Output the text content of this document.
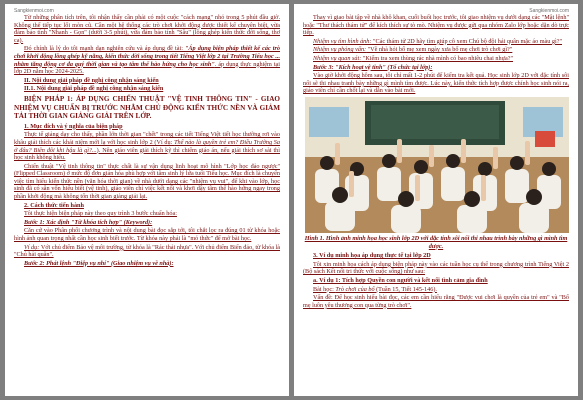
Sangkienmoi.com

Từ những phân tích trên, tôi nhận thấy cần phải có một cuộc "cách mạng" nhỏ trong 5 phút đầu giờ. Không thể tiếp tục lối mòn cũ. Cần một hệ thống các trò chơi khởi động được thiết kế chuyên biệt, vừa đảm bảo tính "Nhanh - Gọn" (dưới 3-5 phút), vừa đảm bảo tính "Sâu" (lồng ghép kiến thức đời sống, thơ ca).

Đó chính là lý do tôi mạnh dạn nghiên cứu và áp dụng đề tài: "Áp dụng biện pháp thiết kế các trò chơi khởi động lồng ghép kỹ năng, kiến thức đời sống trong tiết Tiếng Việt lớp 2 tại Trường Tiểu học ... nhằm tăng động cơ đa quý thời gian và tạo tâm thế hào hứng cho học sinh". áp dụng thực nghiệm tại lớp 2D năm học 2024-2025.

II. Nội dung giải pháp đề nghị công nhận sáng kiến

II.1. Nội dung giải pháp đề nghị công nhận sáng kiến

BIỆN PHÁP 1: ÁP DỤNG CHIẾN THUẬT "VỆ TINH THÔNG TIN" - GIAO NHIỆM VỤ CHUẨN BỊ TRƯỚC NHẰM CHỦ ĐỘNG KIẾN THỨC NỀN VÀ GIẢM TẢI THỜI GIAN GIẢNG GIẢI TRÊN LỚP.

1. Mục đích và ý nghĩa của biện pháp

Thực tế giảng dạy cho thấy, phần lớn thời gian "chết" trong các tiết Tiếng Việt tiết học thường rơi vào khâu giải thích các khái niệm mới lạ với học sinh lớp 2 (Ví dụ: Thế nào là quyền trẻ em? Điều Trường Sa ở đâu? Biên đôi khi hậu là gì?...). Nên giáo viên giải thích kỹ thì chiếm giáo án, nếu giải thích sơ sài thì học sinh không hiểu.

Chiến thuật "Vệ tinh thông tin" thực chất là sự vận dụng linh hoạt mô hình "Lớp học đảo ngược" (Flipped Classroom) ở mức độ đơn giản hóa phù hợp với tâm sinh lý lứa tuổi Tiểu học. Mục đích là chuyển việc tìm hiểu kiến thức nền (văn hóa thời gian) về nhà dưới dạng các "nhiệm vụ vui", để khi vào lớp, học sinh đã có sẵn vốn hiểu biết (vệ tinh), giáo viên chỉ việc kết nối và khơi dậy tâm thế hào hứng ngay trong phần khởi động mà không tốn thời gian giảng giải lại.

2. Cách thức tiến hành

Tôi thực hiện biện pháp này theo quy trình 3 bước chuẩn hóa:

Bước 1: Xác định "Từ khóa tích hợp" (Keyword):

Căn cứ vào Phân phối chương trình và nội dung bài đọc sắp tới, tôi chắt lọc ra đúng 01 từ khóa hoặc hình ảnh quan trọng nhất cần học sinh biết trước. Từ khóa này phải là "mỏ thức" để mở bài học.

Ví dụ: Với chủ điểm Bảo vệ môi trường, từ khóa là "Rác thải nhựa". Với chủ điểm Biển đảo, từ khóa là "Chủ hải quân".

Bước 2: Phát lệnh "Điệp vụ nhí" (Giao nhiệm vụ về nhà):

Sangkienmoi.com

Thay vì giao bài tập về nhà khô khan, cuối buổi học trước, tôi giao nhiệm vụ dưới dạng các "Mật lệnh" hoặc "Thư thách thám tử" để kích thích sự tò mò. Nhiệm vụ được gửi qua nhóm Zalo lớp hoặc dặn dò trực tiếp.

Nhiệm vụ tìm hình ảnh: "Các thám tử 2D hãy tìm giúp cô xem Chú bộ đội hải quân mặc áo màu gì?"

Nhiệm vụ phỏng vấn: "Về nhà hỏi bố mẹ xem ngày xưa bố mẹ chơi trò chơi gì?"

Nhiệm vụ quan sát: "Kiểm tra xem thùng rác nhà mình có bao nhiêu chai nhựa?"

Bước 3: "Kích hoạt vệ tinh" (Tổ chức tại lớp):

Vào giờ khởi động hôm sau, tôi chỉ mất 1-2 phút để kiểm tra kết quả. Học sinh lớp 2D với đặc tính sôi nổi sẽ thi nhau tranh bày những gì mình tìm được. Lúc này, kiến thức tích hợp được chính học sinh nói ra, giáo viên chỉ cần chốt lại và dẫn vào bài mới.

Hình 1. Hình ảnh minh họa học sinh lớp 2D với đặc tính sôi nổi thi nhau trình bày những gì mình tìm được.

3. Ví dụ minh họa áp dụng thực tế tại lớp 2D

Tôi xin minh họa cách áp dụng biện pháp này vào các tuần học cụ thể trong chương trình Tiếng Việt 2 (Bộ sách Kết nối tri thức với cuộc sống) như sau:

a. Ví dụ 1: Tích hợp Quyền con người và kết nối tình cảm gia đình

Bài học: Trò chơi của bố (Tuần 15, Tiết 145-146).

Vấn đề: Để học sinh hiểu bài đọc, các em cần hiểu rằng "Được vui chơi là quyền của trẻ em" và "Bố mẹ luôn yêu thương con qua từng trò chơi".
